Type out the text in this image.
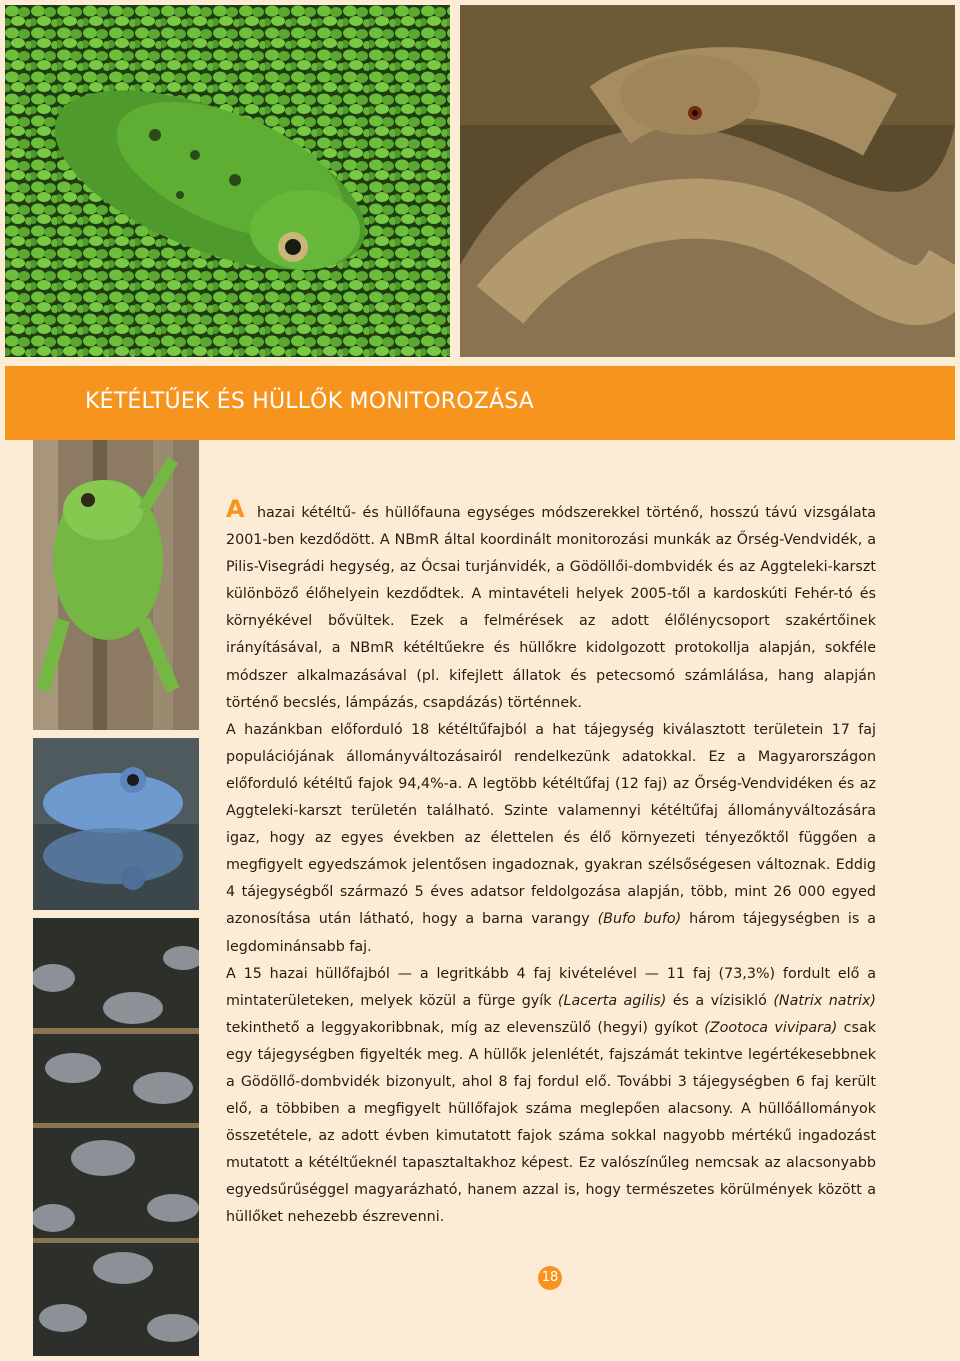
KÉTÉLTŰEK ÉS HÜLLŐK MONITOROZÁSA

A hazai kétéltű- és hüllőfauna egységes módszerekkel történő, hosszú távú vizsgálata 2001-ben kezdődött. A NBmR által koordinált monitorozási munkák az Őrség-Vendvidék, a Pilis-Visegrádi hegység, az Ócsai turjánvidék, a Gödöllői-dombvidék és az Aggteleki-karszt különböző élőhelyein kezdődtek. A mintavételi helyek 2005-től a kardoskúti Fehér-tó és környékével bővültek. Ezek a felmérések az adott élőlénycsoport szakértőinek irányításával, a NBmR kétéltűekre és hüllőkre kidolgozott protokollja alapján, sokféle módszer alkalmazásával (pl. kifejlett állatok és petecsomó számlálása, hang alapján történő becslés, lámpázás, csapdázás) történnek.

A hazánkban előforduló 18 kétéltűfajból a hat tájegység kiválasztott területein 17 faj populációjának állományváltozásairól rendelkezünk adatokkal. Ez a Magyarországon előforduló kétéltű fajok 94,4%-a. A legtöbb kétéltűfaj (12 faj) az Őrség-Vendvidéken és az Aggteleki-karszt területén található. Szinte valamennyi kétéltűfaj állományváltozására igaz, hogy az egyes években az élettelen és élő környezeti tényezőktől függően a megfigyelt egyedszámok jelentősen ingadoznak, gyakran szélsőségesen változnak. Eddig 4 tájegységből származó 5 éves adatsor feldolgozása alapján, több, mint 26 000 egyed azonosítása után látható, hogy a barna varangy (Bufo bufo) három tájegységben is a legdominánsabb faj.

A 15 hazai hüllőfajból — a legritkább 4 faj kivételével — 11 faj (73,3%) fordult elő a mintaterületeken, melyek közül a fürge gyík (Lacerta agilis) és a vízisikló (Natrix natrix) tekinthető a leggyakoribbnak, míg az elevenszülő (hegyi) gyíkot (Zootoca vivipara) csak egy tájegységben figyelték meg. A hüllők jelenlétét, fajszámát tekintve legértékesebbnek a Gödöllő-dombvidék bizonyult, ahol 8 faj fordul elő. További 3 tájegységben 6 faj került elő, a többiben a megfigyelt hüllőfajok száma meglepően alacsony. A hüllőállományok összetétele, az adott évben kimutatott fajok száma sokkal nagyobb mértékű ingadozást mutatott a kétéltűeknél tapasztaltakhoz képest. Ez valószínűleg nemcsak az alacsonyabb egyedsűrűséggel magyarázható, hanem azzal is, hogy természetes körülmények között a hüllőket nehezebb észrevenni.

18
